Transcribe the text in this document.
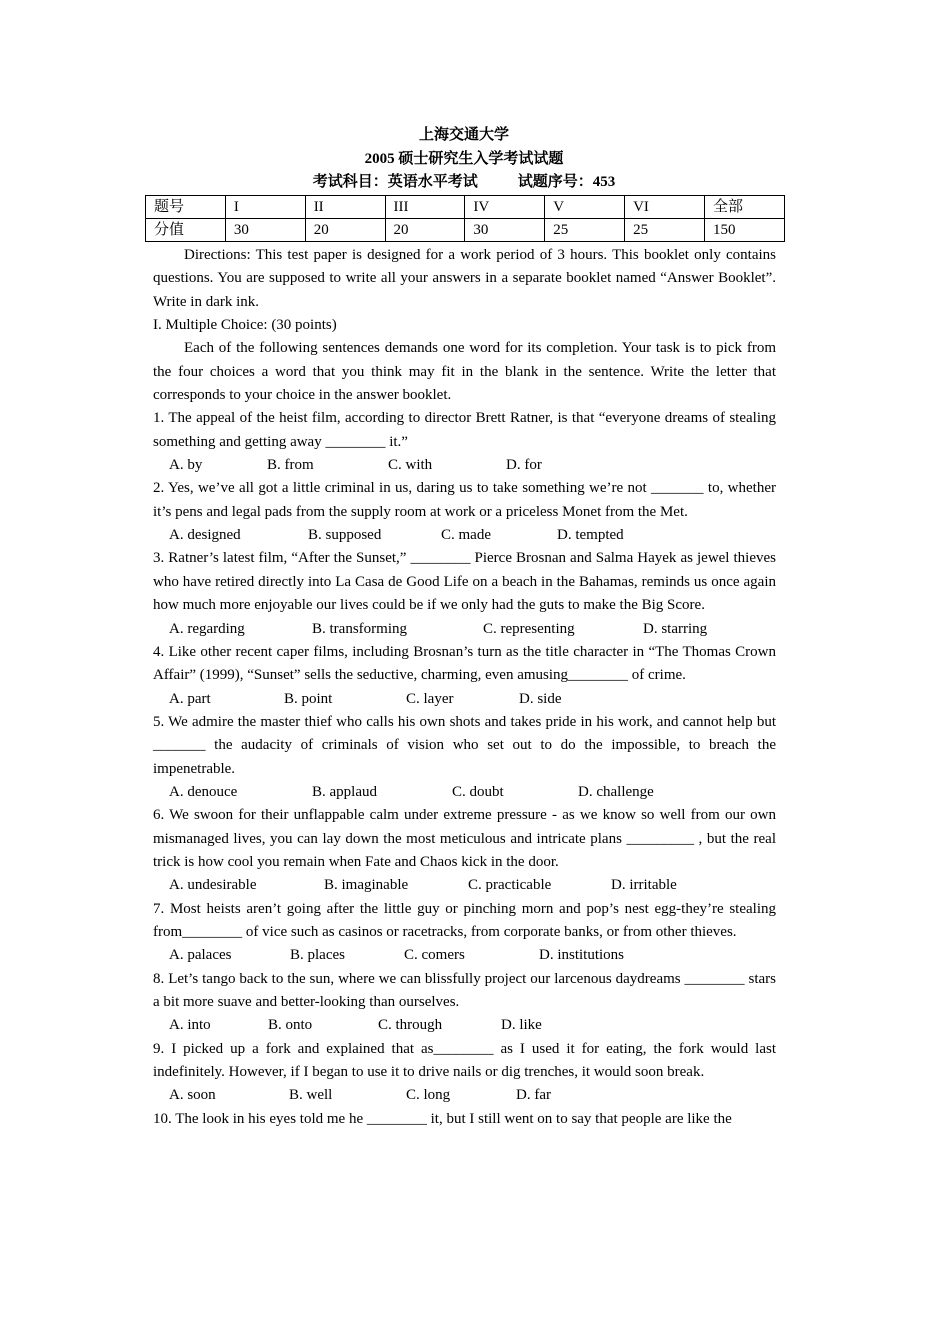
上海交通大学
2005 硕士研究生入学考试试题
考试科目：英语水平考试	试题序号：453
题号	I	II	III	IV	V	VI	全部
分值	30	20	20	30	25	25	150

Directions: This test paper is designed for a work period of 3 hours. This booklet only contains questions. You are supposed to write all your answers in a separate booklet named “Answer Booklet”. Write in dark ink.

I. Multiple Choice: (30 points)

Each of the following sentences demands one word for its completion. Your task is to pick from the four choices a word that you think may fit in the blank in the sentence. Write the letter that corresponds to your choice in the answer booklet.

1. The appeal of the heist film, according to director Brett Ratner, is that “everyone dreams of stealing something and getting away ________ it.”

A. by	B. from	C. with	D. for

2. Yes, we’ve all got a little criminal in us, daring us to take something we’re not _______ to, whether it’s pens and legal pads from the supply room at work or a priceless Monet from the Met.

A. designed	B. supposed	C. made	D. tempted

3. Ratner’s latest film, “After the Sunset,” ________ Pierce Brosnan and Salma Hayek as jewel thieves who have retired directly into La Casa de Good Life on a beach in the Bahamas, reminds us once again how much more enjoyable our lives could be if we only had the guts to make the Big Score.

A. regarding	B. transforming	C. representing	D. starring

4. Like other recent caper films, including Brosnan’s turn as the title character in “The Thomas Crown Affair” (1999), “Sunset” sells the seductive, charming, even amusing________ of crime.

A. part	B. point	C. layer	D. side

5. We admire the master thief who calls his own shots and takes pride in his work, and cannot help but _______ the audacity of criminals of vision who set out to do the impossible, to breach the impenetrable.

A. denouce	B. applaud	C. doubt	D. challenge

6. We swoon for their unflappable calm under extreme pressure - as we know so well from our own mismanaged lives, you can lay down the most meticulous and intricate plans _________ , but the real trick is how cool you remain when Fate and Chaos kick in the door.

A. undesirable	B. imaginable	C. practicable	D. irritable

7. Most heists aren’t going after the little guy or pinching morn and pop’s nest egg-they’re stealing from________ of vice such as casinos or racetracks, from corporate banks, or from other thieves.

A. palaces	B. places	C. comers	D. institutions

8. Let’s tango back to the sun, where we can blissfully project our larcenous daydreams ________ stars a bit more suave and better-looking than ourselves.

A. into	B. onto	C. through	D. like

9. I picked up a fork and explained that as________ as I used it for eating, the fork would last indefinitely. However, if I began to use it to drive nails or dig trenches, it would soon break.

A. soon	B. well	C. long	D. far

10. The look in his eyes told me he ________ it, but I still went on to say that people are like the
